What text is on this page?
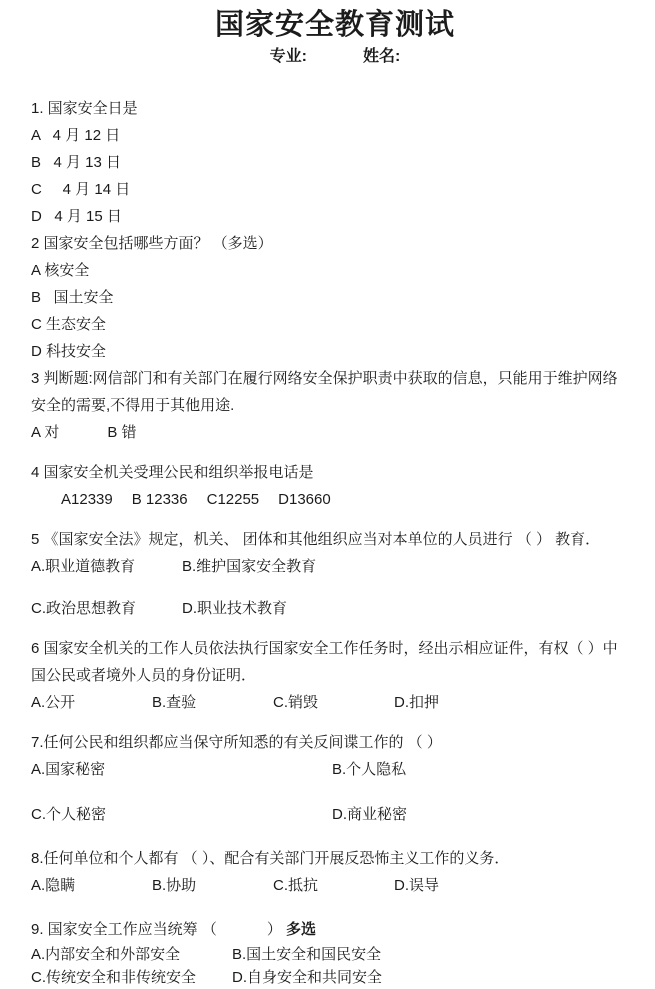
国家安全教育测试
专业:	姓名:
1. 国家安全日是
A   4 月 12 日
B   4 月 13 日
C     4 月 14 日
D   4 月 15 日
2 国家安全包括哪些方面？ （多选）
A 核安全
B   国土安全
C 生态安全
D 科技安全
3 判断题:网信部门和有关部门在履行网络安全保护职责中获取的信息，只能用于维护网络
安全的需要,不得用于其他用途.
A 对	B 错
4 国家安全机关受理公民和组织举报电话是
A12339 B 12336 C12255 D13660
5 《国家安全法》规定，机关、 团体和其他组织应当对本单位的人员进行 （ ） 教育．
A.职业道德教育	B.维护国家安全教育
C.政治思想教育	D.职业技术教育
6 国家安全机关的工作人员依法执行国家安全工作任务时，经出示相应证件，有权（ ）中
国公民或者境外人员的身份证明．
A.公开	B.查验	C.销毁	D.扣押
7.任何公民和组织都应当保守所知悉的有关反间谍工作的 （ ）
A.国家秘密	B.个人隐私
C.个人秘密	D.商业秘密
8.任何单位和个人都有 （ ）、配合有关部门开展反恐怖主义工作的义务．
A.隐瞒	B.协助	C.抵抗	D.误导
9. 国家安全工作应当统筹 （            ） 多选
A.内部安全和外部安全	B.国土安全和国民安全
C.传统安全和非传统安全	D.自身安全和共同安全
